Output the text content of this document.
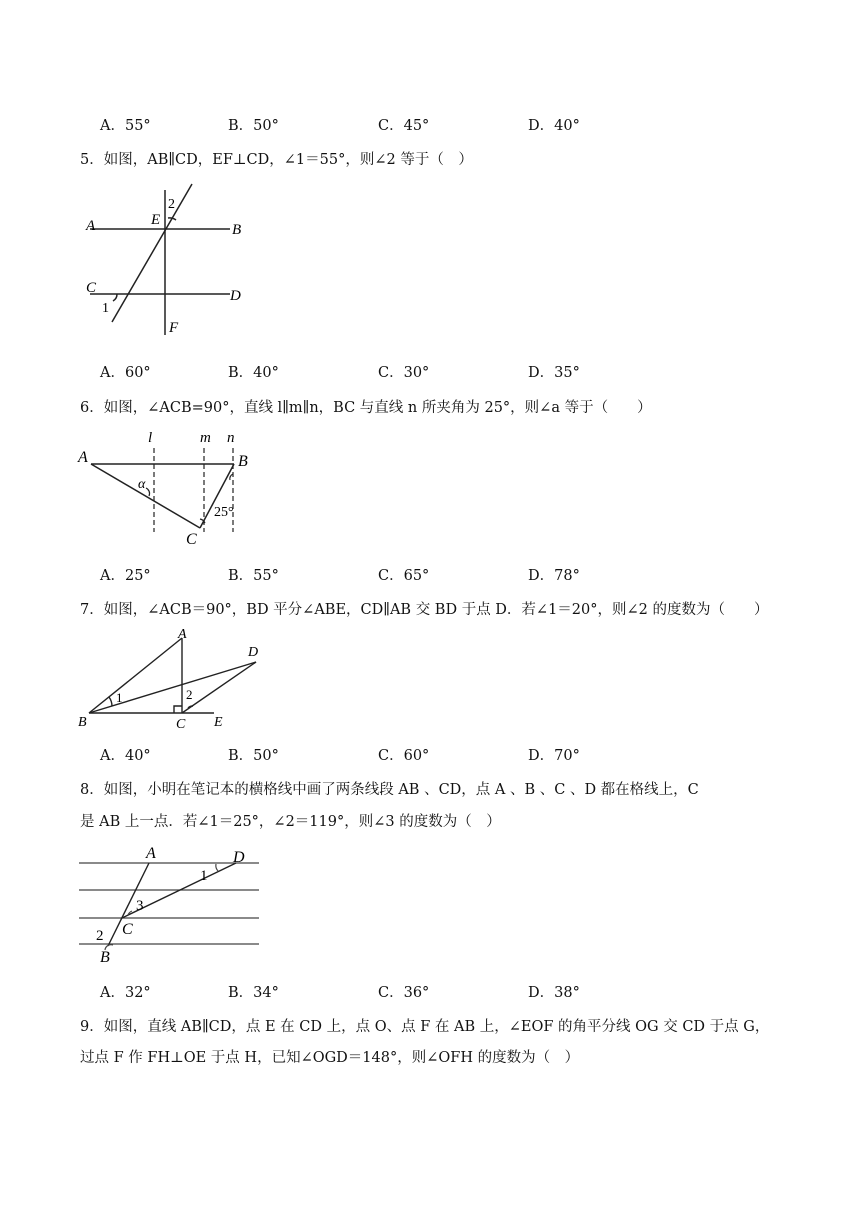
A．55°	B．50°	C．45°	D．40°
5．如图，AB∥CD，EF⊥CD，∠1＝55°，则∠2 等于（　）
A	B
C	D
E
F
1
2
A．60°	B．40°	C．30°	D．35°
6．如图，∠ACB=90°，直线 l∥m∥n，BC 与直线 n 所夹角为 25°，则∠a 等于（　　）
l	m n
A	B
C
α
25°
A．25°	B．55°	C．65°	D．78°
7．如图，∠ACB＝90°，BD 平分∠ABE，CD∥AB 交 BD 于点 D．若∠1＝20°，则∠2 的度数为（　　）
A
B	C
D
E
1	2
A．40°	B．50°	C．60°	D．70°
8．如图，小明在笔记本的横格线中画了两条线段 AB 、CD，点 A 、B 、C 、D 都在格线上，C
是 AB 上一点．若∠1＝25°，∠2＝119°，则∠3 的度数为（　）
A	D
C
B
1
3
2
A．32°	B．34°	C．36°	D．38°
9．如图，直线 AB∥CD，点 E 在 CD 上，点 O、点 F 在 AB 上，∠EOF 的角平分线 OG 交 CD 于点 G，
过点 F 作 FH⊥OE 于点 H，已知∠OGD＝148°，则∠OFH 的度数为（　）
